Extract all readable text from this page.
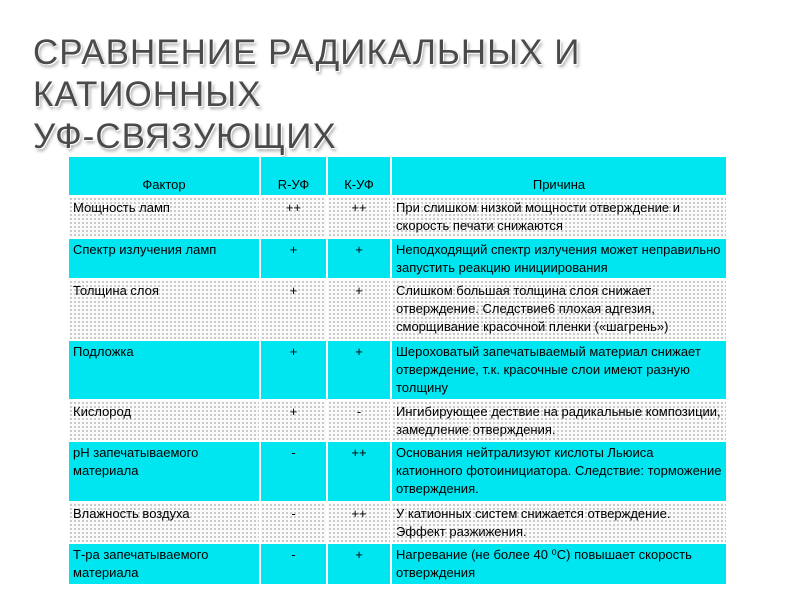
СРАВНЕНИЕ РАДИКАЛЬНЫХ И КАТИОННЫХ
УФ-СВЯЗУЮЩИХ
Фактор	R-УФ	К-УФ	Причина
Мощность ламп	++	++	При слишком низкой мощности отверждение и скорость печати снижаются
Спектр излучения ламп	+	+	Неподходящий спектр излучения может неправильно запустить реакцию инициирования
Толщина слоя	+	+	Слишком большая толщина слоя снижает отверждение. Следствие6 плохая адгезия, сморщивание красочной пленки («шагрень»)
Подложка	+	+	Шероховатый запечатываемый материал снижает отверждение, т.к. красочные слои имеют разную толщину
Кислород	+	-	Ингибирующее дествие на радикальные композиции, замедление отверждения.
pH запечатываемого материала	-	++	Основания нейтрализуют кислоты Льюиса катионного фотоинициатора. Следствие: торможение отверждения.
Влажность воздуха	-	++	У катионных систем снижается отверждение. Эффект разжижения.
Т-ра запечатываемого материала	-	+	Нагревание (не более 40 ⁰С) повышает скорость отверждения
